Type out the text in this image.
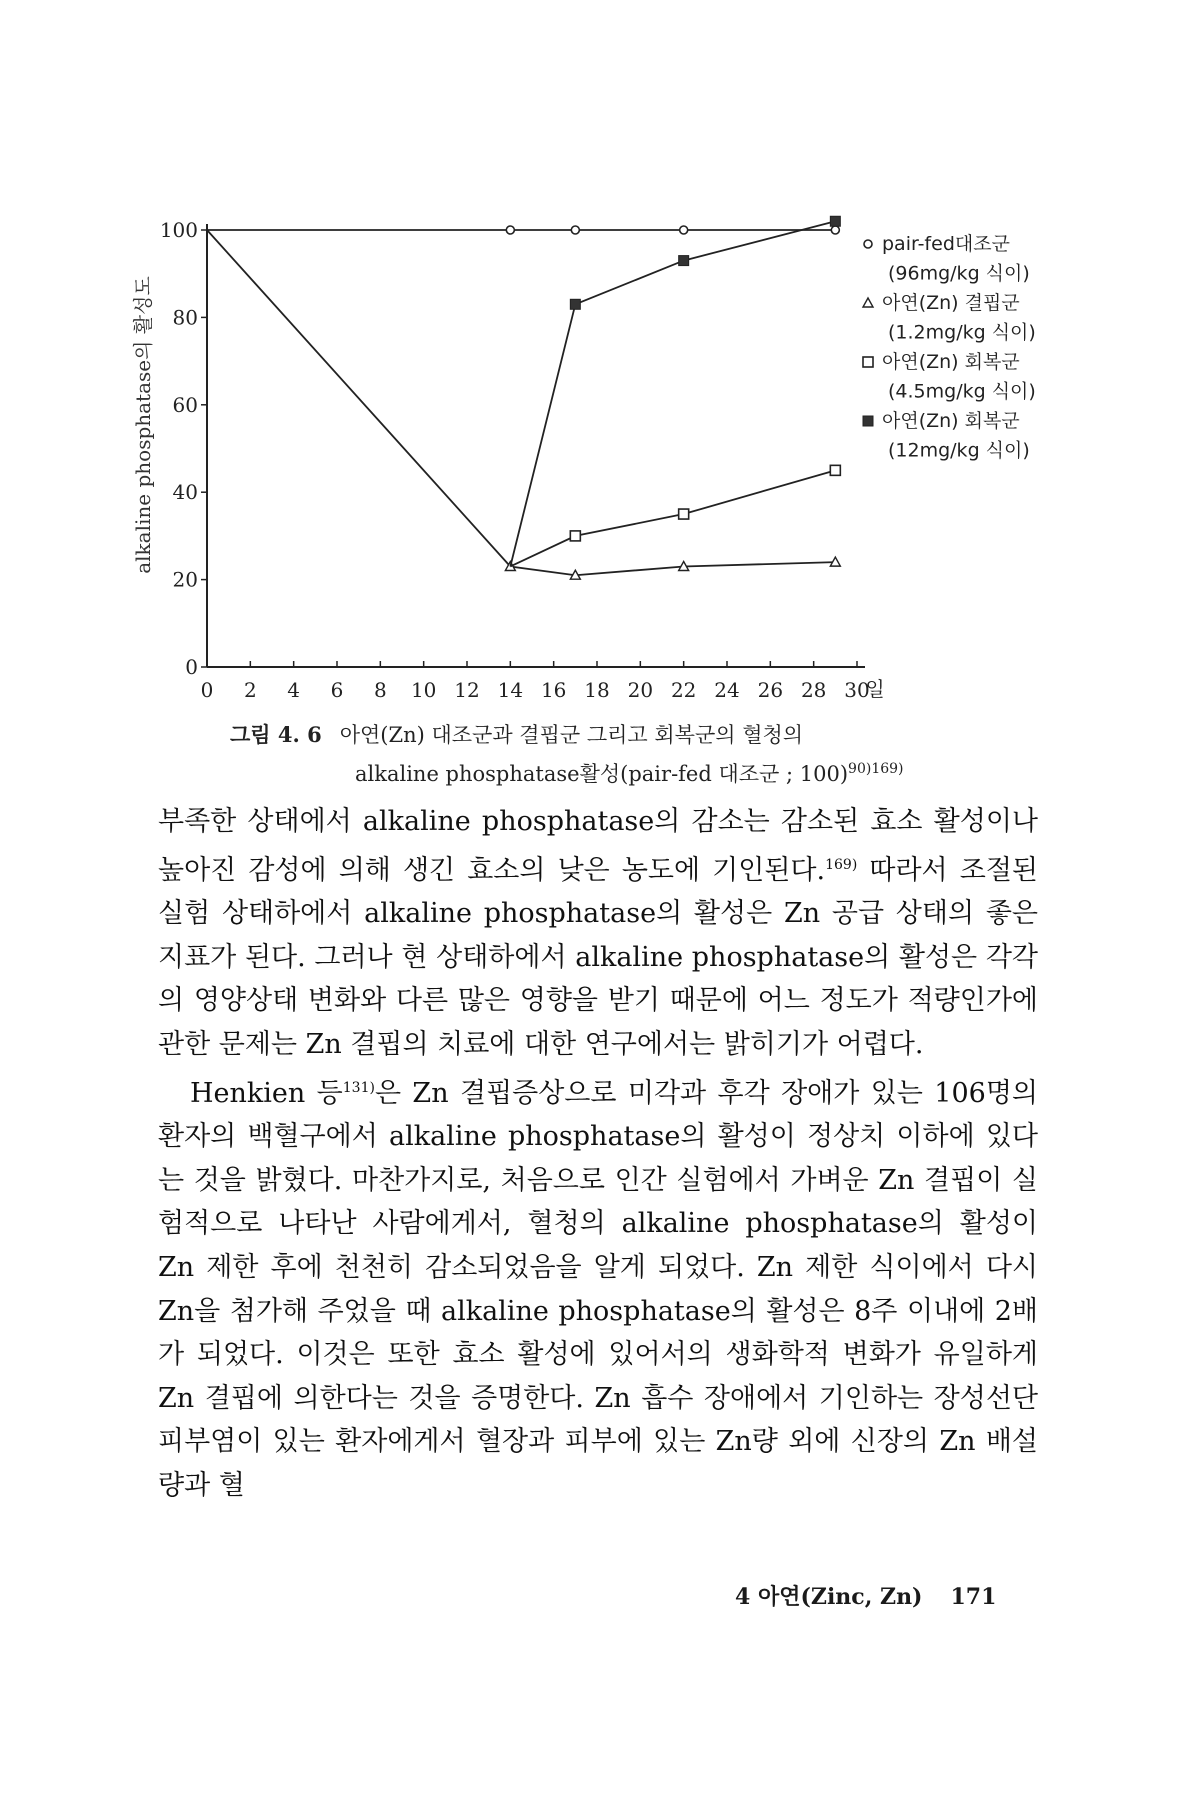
0
20
40
60
80
100
0 2 4 6 8 10 12 14 16 18 20 22 24 26 28 30
alkaline phosphatase의 활성도
일
pair-fed대조군
(96mg/kg 식이)
아연(Zn) 결핍군
(1.2mg/kg 식이)
아연(Zn) 회복군
(4.5mg/kg 식이)
아연(Zn) 회복군
(12mg/kg 식이)
그림 4. 6 아연(Zn) 대조군과 결핍군 그리고 회복군의 혈청의
alkaline phosphatase활성(pair-fed 대조군 ; 100)$^{90)169)}$

부족한 상태에서 alkaline phosphatase의 감소는 감소된 효소 활성이나 높아진 감성에 의해 생긴 효소의 낮은 농도에 기인된다.$^{169)}$ 따라서 조절된 실험 상태하에서 alkaline phosphatase의 활성은 Zn 공급 상태의 좋은 지표가 된다. 그러나 현 상태하에서 alkaline phosphatase의 활성은 각각의 영양상태 변화와 다른 많은 영향을 받기 때문에 어느 정도가 적량인가에 관한 문제는 Zn 결핍의 치료에 대한 연구에서는 밝히기가 어렵다.

Henkien 등$^{131)}$은 Zn 결핍증상으로 미각과 후각 장애가 있는 106명의 환자의 백혈구에서 alkaline phosphatase의 활성이 정상치 이하에 있다는 것을 밝혔다. 마찬가지로, 처음으로 인간 실험에서 가벼운 Zn 결핍이 실험적으로 나타난 사람에게서, 혈청의 alkaline phosphatase의 활성이 Zn 제한 후에 천천히 감소되었음을 알게 되었다. Zn 제한 식이에서 다시 Zn을 첨가해 주었을 때 alkaline phosphatase의 활성은 8주 이내에 2배가 되었다. 이것은 또한 효소 활성에 있어서의 생화학적 변화가 유일하게 Zn 결핍에 의한다는 것을 증명한다. Zn 흡수 장애에서 기인하는 장성선단피부염이 있는 환자에게서 혈장과 피부에 있는 Zn량 외에 신장의 Zn 배설량과 혈

4 아연(Zinc, Zn) 171
